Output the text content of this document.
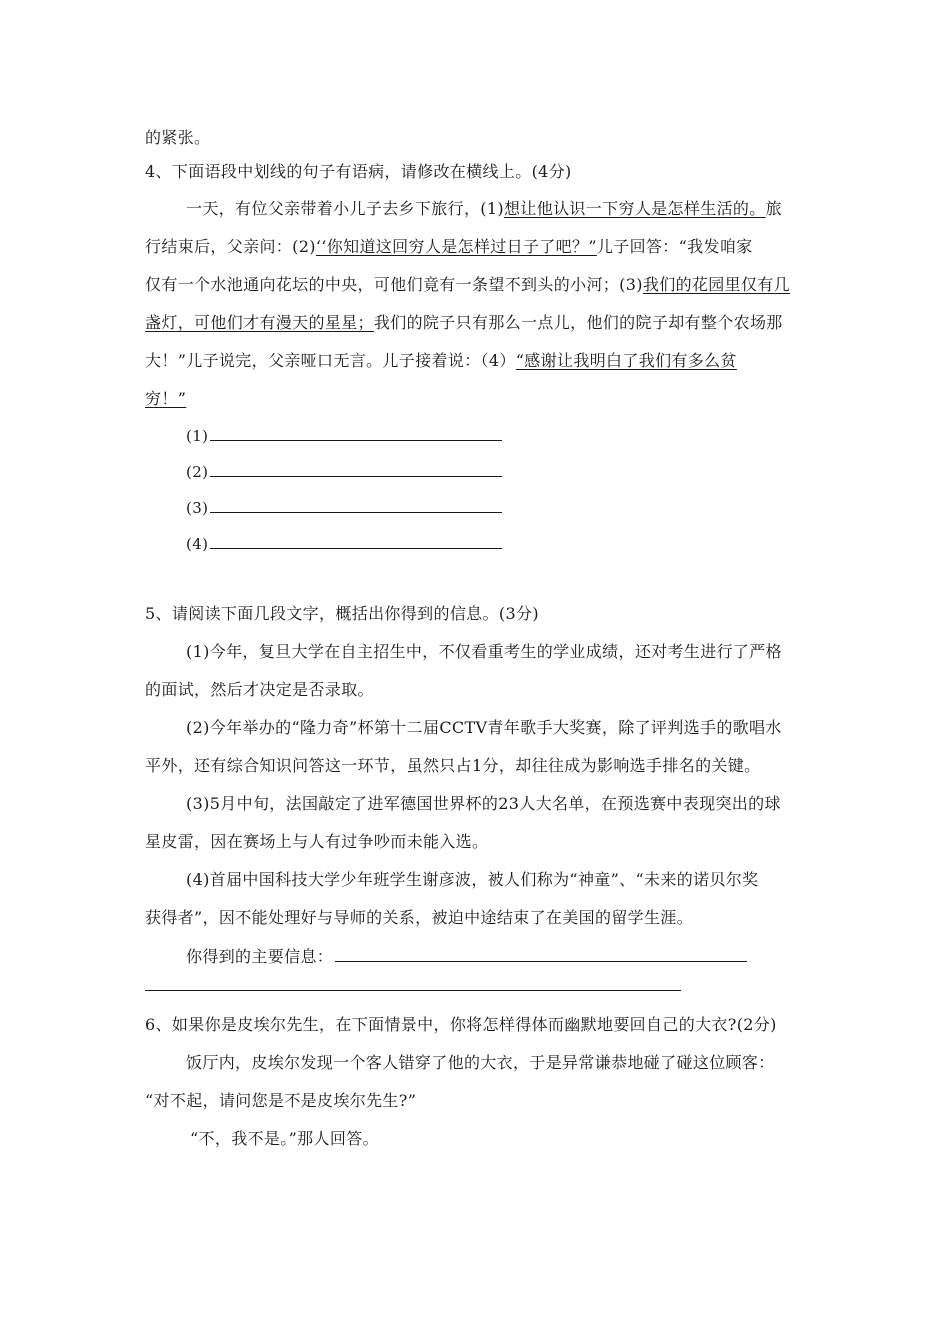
的紧张。
4、下面语段中划线的句子有语病，请修改在横线上。(4分)
一天，有位父亲带着小儿子去乡下旅行，(1)想让他认识一下穷人是怎样生活的。旅
行结束后，父亲问：(2)‘‘你知道这回穷人是怎样过日子了吧？”儿子回答：“我发咱家
仅有一个水池通向花坛的中央，可他们竟有一条望不到头的小河；(3)我们的花园里仅有几
盏灯，可他们才有漫天的星星；我们的院子只有那么一点儿，他们的院子却有整个农场那
大！”儿子说完，父亲哑口无言。儿子接着说：（4）“感谢让我明白了我们有多么贫
穷！”
(1)
(2)
(3)
(4)
5、请阅读下面几段文字，概括出你得到的信息。(3分)
(1)今年，复旦大学在自主招生中，不仅看重考生的学业成绩，还对考生进行了严格
的面试，然后才决定是否录取。
(2)今年举办的“隆力奇”杯第十二届CCTV青年歌手大奖赛，除了评判选手的歌唱水
平外，还有综合知识问答这一环节，虽然只占1分，却往往成为影响选手排名的关键。
(3)5月中旬，法国敲定了进军德国世界杯的23人大名单，在预选赛中表现突出的球
星皮雷，因在赛场上与人有过争吵而未能入选。
(4)首届中国科技大学少年班学生谢彦波，被人们称为“神童”、“未来的诺贝尔奖
获得者”，因不能处理好与导师的关系，被迫中途结束了在美国的留学生涯。
你得到的主要信息：
6、如果你是皮埃尔先生，在下面情景中，你将怎样得体而幽默地要回自己的大衣?(2分)
饭厅内，皮埃尔发现一个客人错穿了他的大衣，于是异常谦恭地碰了碰这位顾客：
“对不起，请问您是不是皮埃尔先生?”
“不，我不是。”那人回答。
